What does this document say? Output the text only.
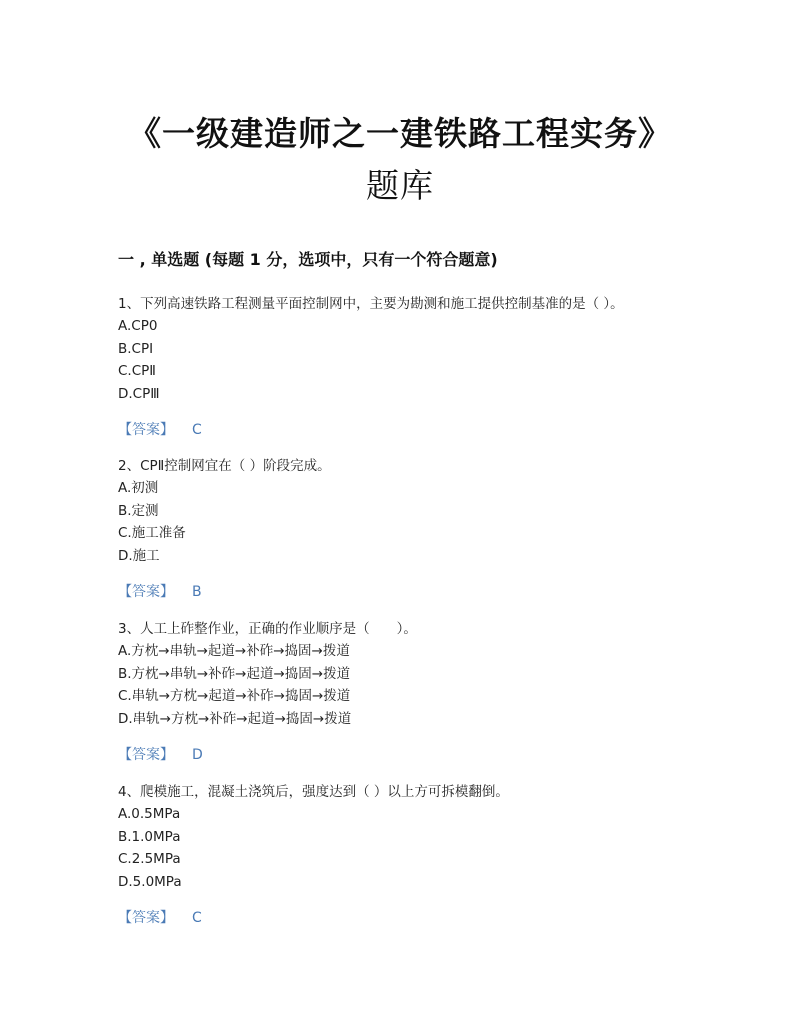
《一级建造师之一建铁路工程实务》
题库
一 , 单选题 (每题 1 分，选项中，只有一个符合题意)
1、下列高速铁路工程测量平面控制网中，主要为勘测和施工提供控制基准的是（ ）。
A.CP0
B.CPⅠ
C.CPⅡ
D.CPⅢ
【答案】 C
2、CPⅡ控制网宜在（ ）阶段完成。
A.初测
B.定测
C.施工准备
D.施工
【答案】 B
3、人工上砟整作业，正确的作业顺序是（　　）。
A.方枕→串轨→起道→补砟→捣固→拨道
B.方枕→串轨→补砟→起道→捣固→拨道
C.串轨→方枕→起道→补砟→捣固→拨道
D.串轨→方枕→补砟→起道→捣固→拨道
【答案】 D
4、爬模施工，混凝土浇筑后，强度达到（ ）以上方可拆模翻倒。
A.0.5MPa
B.1.0MPa
C.2.5MPa
D.5.0MPa
【答案】 C
